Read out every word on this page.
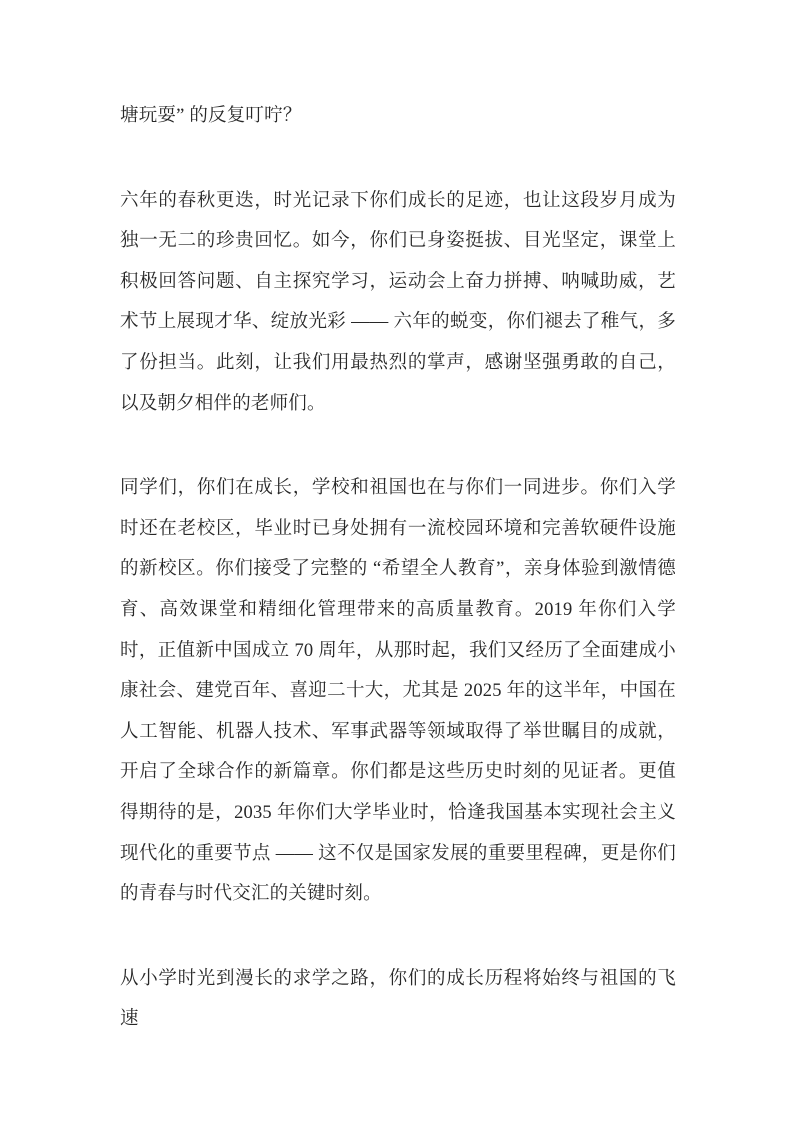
塘玩耍” 的反复叮咛？

六年的春秋更迭，时光记录下你们成长的足迹，也让这段岁月成为独一无二的珍贵回忆。如今，你们已身姿挺拔、目光坚定，课堂上积极回答问题、自主探究学习，运动会上奋力拼搏、呐喊助威，艺术节上展现才华、绽放光彩 —— 六年的蜕变，你们褪去了稚气，多了份担当。此刻，让我们用最热烈的掌声，感谢坚强勇敢的自己，以及朝夕相伴的老师们。

同学们，你们在成长，学校和祖国也在与你们一同进步。你们入学时还在老校区，毕业时已身处拥有一流校园环境和完善软硬件设施的新校区。你们接受了完整的 “希望全人教育”，亲身体验到激情德育、高效课堂和精细化管理带来的高质量教育。2019 年你们入学时，正值新中国成立 70 周年，从那时起，我们又经历了全面建成小康社会、建党百年、喜迎二十大，尤其是 2025 年的这半年，中国在人工智能、机器人技术、军事武器等领域取得了举世瞩目的成就，开启了全球合作的新篇章。你们都是这些历史时刻的见证者。更值得期待的是，2035 年你们大学毕业时，恰逢我国基本实现社会主义现代化的重要节点 —— 这不仅是国家发展的重要里程碑，更是你们的青春与时代交汇的关键时刻。

从小学时光到漫长的求学之路，你们的成长历程将始终与祖国的飞速
